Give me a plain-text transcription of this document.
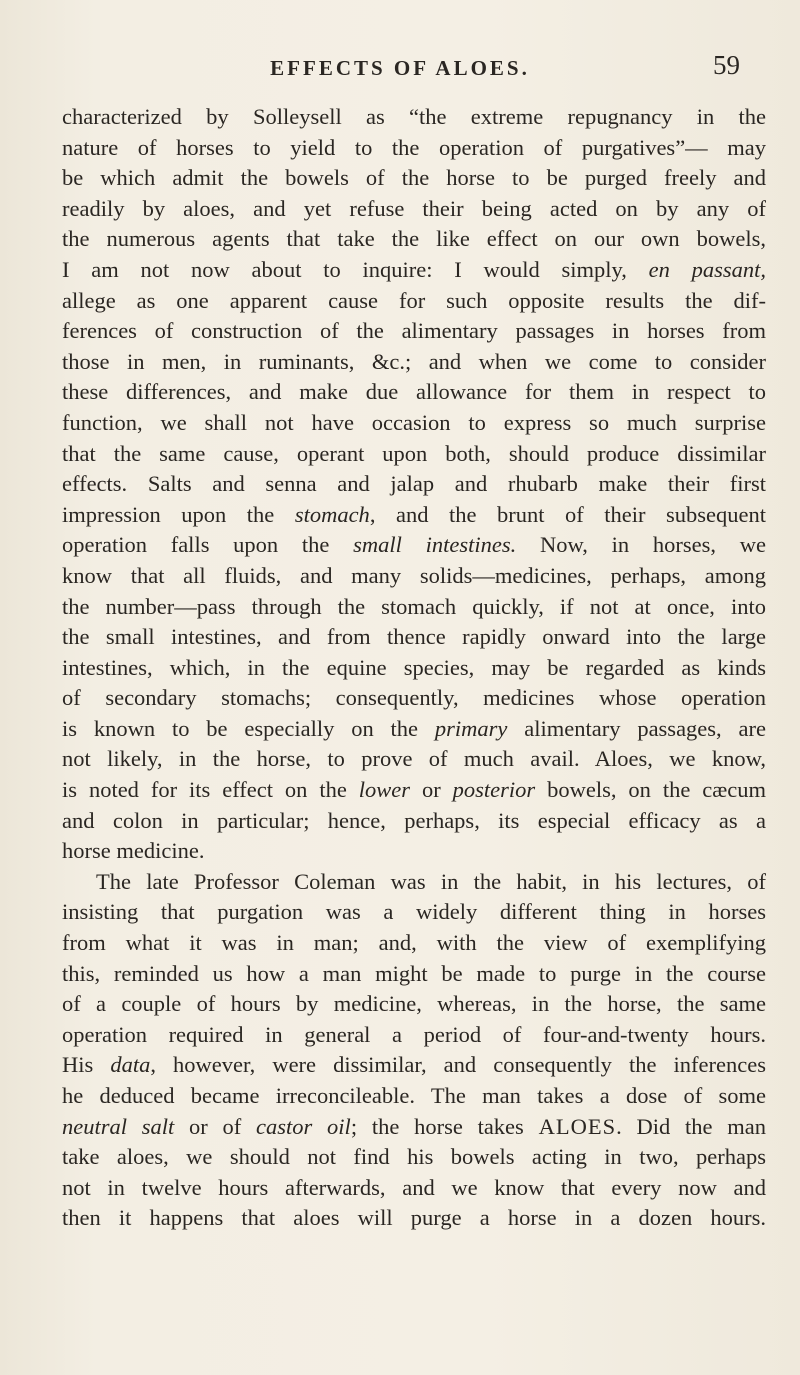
EFFECTS OF ALOES.	59
characterized by Solleysell as “the extreme repugnancy in the
nature of horses to yield to the operation of purgatives”— may
be which admit the bowels of the horse to be purged freely and
readily by aloes, and yet refuse their being acted on by any of
the numerous agents that take the like effect on our own bowels,
I am not now about to inquire: I would simply, en passant,
allege as one apparent cause for such opposite results the dif-
ferences of construction of the alimentary passages in horses from
those in men, in ruminants, &c.; and when we come to consider
these differences, and make due allowance for them in respect to
function, we shall not have occasion to express so much surprise
that the same cause, operant upon both, should produce dissimilar
effects. Salts and senna and jalap and rhubarb make their first
impression upon the stomach, and the brunt of their subsequent
operation falls upon the small intestines. Now, in horses, we
know that all fluids, and many solids—medicines, perhaps, among
the number—pass through the stomach quickly, if not at once, into
the small intestines, and from thence rapidly onward into the large
intestines, which, in the equine species, may be regarded as kinds
of secondary stomachs; consequently, medicines whose operation
is known to be especially on the primary alimentary passages, are
not likely, in the horse, to prove of much avail. Aloes, we know,
is noted for its effect on the lower or posterior bowels, on the cæcum
and colon in particular; hence, perhaps, its especial efficacy as a
horse medicine.
The late Professor Coleman was in the habit, in his lectures, of
insisting that purgation was a widely different thing in horses
from what it was in man; and, with the view of exemplifying
this, reminded us how a man might be made to purge in the course
of a couple of hours by medicine, whereas, in the horse, the same
operation required in general a period of four-and-twenty hours.
His data, however, were dissimilar, and consequently the inferences
he deduced became irreconcileable. The man takes a dose of some
neutral salt or of castor oil; the horse takes ALOES. Did the man
take aloes, we should not find his bowels acting in two, perhaps
not in twelve hours afterwards, and we know that every now and
then it happens that aloes will purge a horse in a dozen hours.
